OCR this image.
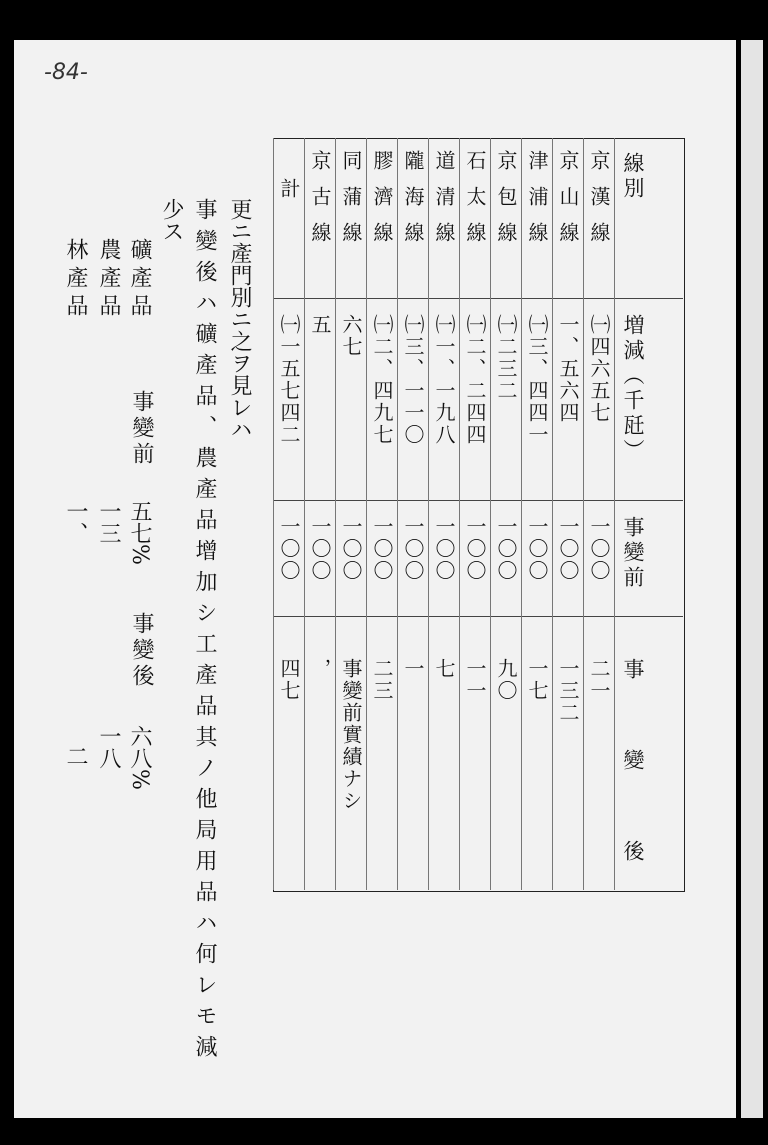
-84-
線別
増減（千瓩）
事變前
事變後
京漢線
㈠四六五七
一〇〇
二一
京山線
一、五六四
一〇〇
一三二
津浦線
㈠三、四四一
一〇〇
一七
京包線
㈠二三二
一〇〇
九〇
石太線
㈠二、二四四
一〇〇
一一
道清線
㈠一、一九八
一〇〇
七
隴海線
㈠三、一一〇
一〇〇
一
膠濟線
㈠二、四九七
一〇〇
二三
同蒲線
六七
一〇〇
事變前實績ナシ
京古線
五
一〇〇
，
計
㈠一五七四二
一〇〇
四七
更ニ產門別ニ之ヲ見レハ
事變後ハ礦產品、農產品增加シ工產品其ノ他局用品ハ何レモ減
少ス
事變前
事變後
礦產品
五七%
六八%
農產品
一三
一八
林產品
一、
二
